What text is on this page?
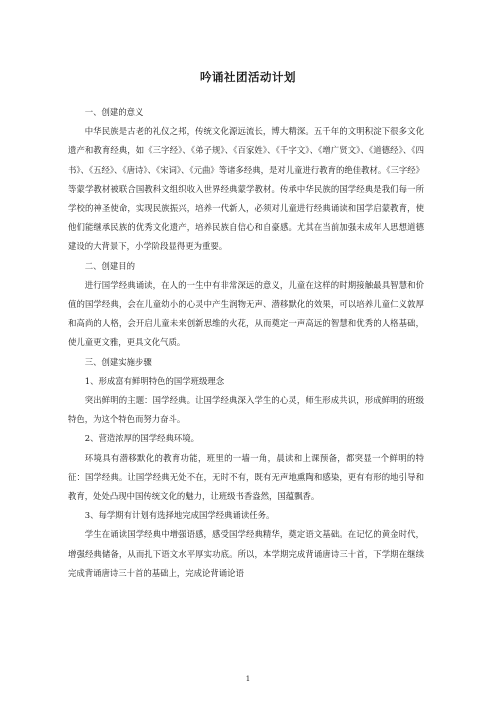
吟诵社团活动计划

一、创建的意义

中华民族是古老的礼仪之邦，传统文化源远流长，博大精深。五千年的文明积淀下很多文化遗产和教育经典，如《三字经》、《弟子规》、《百家姓》、《千字文》、《增广贤文》、《道德经》、《四书》、《五经》、《唐诗》、《宋词》、《元曲》等诸多经典，是对儿童进行教育的绝佳教材。《三字经》等蒙学教材被联合国教科文组织收入世界经典蒙学教材。传承中华民族的国学经典是我们每一所学校的神圣使命，实现民族振兴，培养一代新人，必须对儿童进行经典诵读和国学启蒙教育，使他们能继承民族的优秀文化遗产，培养民族自信心和自豪感。尤其在当前加强未成年人思想道德建设的大背景下，小学阶段显得更为重要。

二、创建目的

进行国学经典诵读，在人的一生中有非常深远的意义，儿童在这样的时期接触最具智慧和价值的国学经典，会在儿童幼小的心灵中产生润物无声、潜移默化的效果，可以培养儿童仁义敦厚和高尚的人格，会开启儿童未来创新思维的火花，从而奠定一声高远的智慧和优秀的人格基础，使儿童更文雅，更具文化气质。

三、创建实施步骤

1、形成富有鲜明特色的国学班级理念

突出鲜明的主题：国学经典。让国学经典深入学生的心灵，师生形成共识，形成鲜明的班级特色，为这个特色而努力奋斗。

2、营造浓厚的国学经典环境。

环境具有潜移默化的教育功能，班里的一墙一角，晨读和上课预备，都突显一个鲜明的特征：国学经典。让国学经典无处不在，无时不有，既有无声地熏陶和感染，更有有形的地引导和教育，处处凸现中国传统文化的魅力，让班级书香盎然，国蕴飘香。

3、每学期有计划有选择地完成国学经典诵读任务。

学生在诵读国学经典中增强语感，感受国学经典精华，奠定语文基础。在记忆的黄金时代，增强经典储备，从而扎下语文水平厚实功底。所以，本学期完成背诵唐诗三十首，下学期在继续完成背诵唐诗三十首的基础上，完成论背诵论语

1
